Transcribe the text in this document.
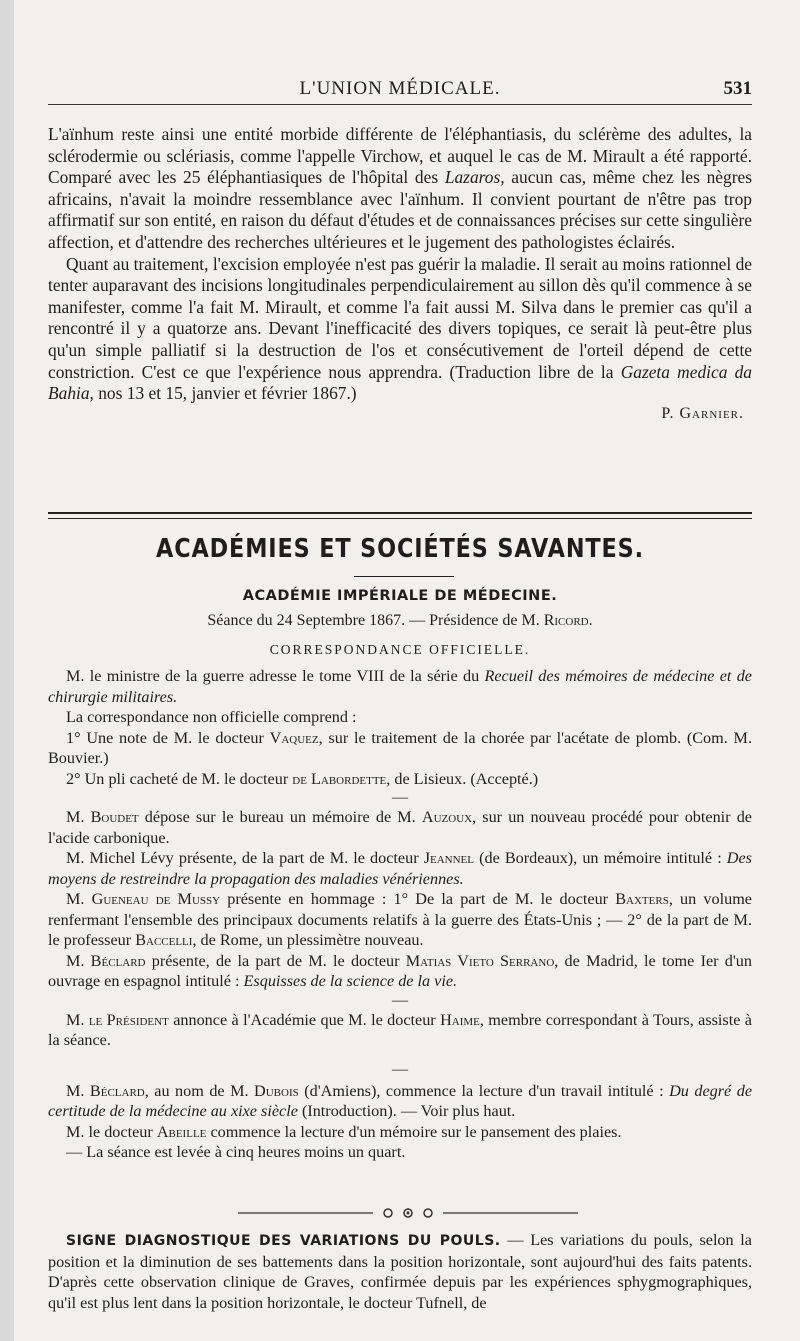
L'UNION MÉDICALE.	531

L'aïnhum reste ainsi une entité morbide différente de l'éléphantiasis, du sclérème des adultes, la sclérodermie ou sclériasis, comme l'appelle Virchow, et auquel le cas de M. Mirault a été rapporté. Comparé avec les 25 éléphantiasiques de l'hôpital des Lazaros, aucun cas, même chez les nègres africains, n'avait la moindre ressemblance avec l'aïnhum. Il convient pourtant de n'être pas trop affirmatif sur son entité, en raison du défaut d'études et de connaissances précises sur cette singulière affection, et d'attendre des recherches ultérieures et le jugement des pathologistes éclairés.

Quant au traitement, l'excision employée n'est pas guérir la maladie. Il serait au moins rationnel de tenter auparavant des incisions longitudinales perpendiculairement au sillon dès qu'il commence à se manifester, comme l'a fait M. Mirault, et comme l'a fait aussi M. Silva dans le premier cas qu'il a rencontré il y a quatorze ans. Devant l'inefficacité des divers topiques, ce serait là peut-être plus qu'un simple palliatif si la destruction de l'os et consécutivement de l'orteil dépend de cette constriction. C'est ce que l'expérience nous apprendra. (Traduction libre de la Gazeta medica da Bahia, nos 13 et 15, janvier et février 1867.)

P. Garnier.

ACADÉMIES ET SOCIÉTÉS SAVANTES.
ACADÉMIE IMPÉRIALE DE MÉDECINE.
Séance du 24 Septembre 1867. — Présidence de M. Ricord.
CORRESPONDANCE OFFICIELLE.

M. le ministre de la guerre adresse le tome VIII de la série du Recueil des mémoires de médecine et de chirurgie militaires.

La correspondance non officielle comprend :

1° Une note de M. le docteur Vaquez, sur le traitement de la chorée par l'acétate de plomb. (Com. M. Bouvier.)

2° Un pli cacheté de M. le docteur de Labordette, de Lisieux. (Accepté.)

—

M. Boudet dépose sur le bureau un mémoire de M. Auzoux, sur un nouveau procédé pour obtenir de l'acide carbonique.

M. Michel Lévy présente, de la part de M. le docteur Jeannel (de Bordeaux), un mémoire intitulé : Des moyens de restreindre la propagation des maladies vénériennes.

M. Gueneau de Mussy présente en hommage : 1° De la part de M. le docteur Baxters, un volume renfermant l'ensemble des principaux documents relatifs à la guerre des États-Unis ; — 2° de la part de M. le professeur Baccelli, de Rome, un plessimètre nouveau.

M. Béclard présente, de la part de M. le docteur Matias Vieto Serrano, de Madrid, le tome Ier d'un ouvrage en espagnol intitulé : Esquisses de la science de la vie.

—

M. le Président annonce à l'Académie que M. le docteur Haime, membre correspondant à Tours, assiste à la séance.

—

M. Béclard, au nom de M. Dubois (d'Amiens), commence la lecture d'un travail intitulé : Du degré de certitude de la médecine au xixe siècle (Introduction). — Voir plus haut.

M. le docteur Abeille commence la lecture d'un mémoire sur le pansement des plaies.

— La séance est levée à cinq heures moins un quart.

SIGNE DIAGNOSTIQUE DES VARIATIONS DU POULS. — Les variations du pouls, selon la position et la diminution de ses battements dans la position horizontale, sont aujourd'hui des faits patents. D'après cette observation clinique de Graves, confirmée depuis par les expériences sphygmographiques, qu'il est plus lent dans la position horizontale, le docteur Tufnell, de
